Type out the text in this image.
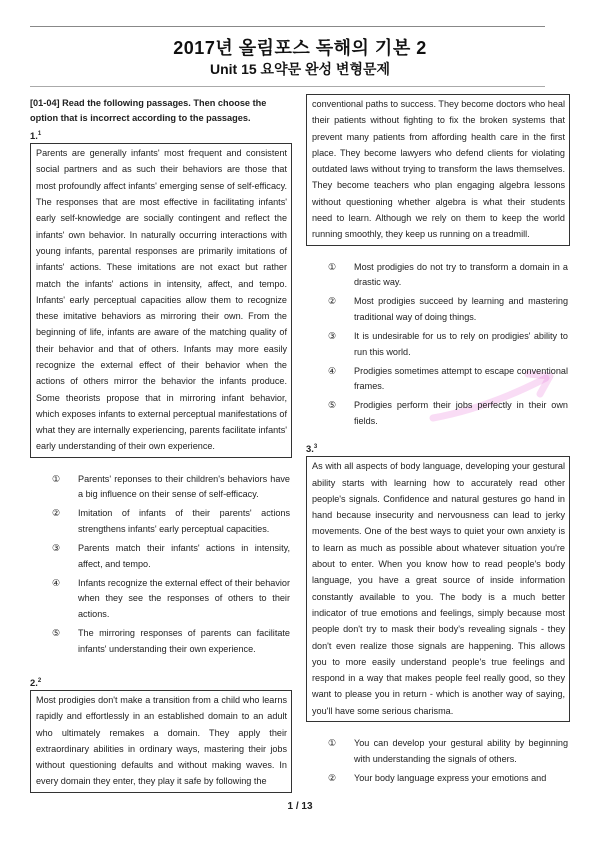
2017년 올림포스 독해의 기본 2
Unit 15 요약문 완성 변형문제
[01-04] Read the following passages. Then choose the option that is incorrect according to the passages.
1.$^1$
Parents are generally infants' most frequent and consistent social partners and as such their behaviors are those that most profoundly affect infants' emerging sense of self-efficacy. The responses that are most effective in facilitating infants' early self-knowledge are socially contingent and reflect the infants' own behavior. In naturally occurring interactions with young infants, parental responses are primarily imitations of infants' actions. These imitations are not exact but rather match the infants' actions in intensity, affect, and tempo. Infants' early perceptual capacities allow them to recognize these imitative behaviors as mirroring their own. From the beginning of life, infants are aware of the matching quality of their behavior and that of others. Infants may more easily recognize the external effect of their behavior when the actions of others mirror the behavior the infants produce. Some theorists propose that in mirroring infant behavior, which exposes infants to external perceptual manifestations of what they are internally experiencing, parents facilitate infants' early understanding of their own experience.
①	Parents' reponses to their children's behaviors have a big influence on their sense of self-efficacy.
②	Imitation of infants of their parents' actions strengthens infants' early perceptual capacities.
③	Parents match their infants' actions in intensity, affect, and tempo.
④	Infants recognize the external effect of their behavior when they see the responses of others to their actions.
⑤	The mirroring responses of parents can facilitate infants' understanding their own experience.
2.$^2$
Most prodigies don't make a transition from a child who learns rapidly and effortlessly in an established domain to an adult who ultimately remakes a domain. They apply their extraordinary abilities in ordinary ways, mastering their jobs without questioning defaults and without making waves. In every domain they enter, they play it safe by following the
conventional paths to success. They become doctors who heal their patients without fighting to fix the broken systems that prevent many patients from affording health care in the first place. They become lawyers who defend clients for violating outdated laws without trying to transform the laws themselves. They become teachers who plan engaging algebra lessons without questioning whether algebra is what their students need to learn. Although we rely on them to keep the world running smoothly, they keep us running on a treadmill.
①	Most prodigies do not try to transform a domain in a drastic way.
②	Most prodigies succeed by learning and mastering traditional way of doing things.
③	It is undesirable for us to rely on prodigies' ability to run this world.
④	Prodigies sometimes attempt to escape conventional frames.
⑤	Prodigies perform their jobs perfectly in their own fields.
3.$^3$
As with all aspects of body language, developing your gestural ability starts with learning how to accurately read other people's signals. Confidence and natural gestures go hand in hand because insecurity and nervousness can lead to jerky movements. One of the best ways to quiet your own anxiety is to learn as much as possible about whatever situation you're about to enter. When you know how to read people's body language, you have a great source of inside information constantly available to you. The body is a much better indicator of true emotions and feelings, simply because most people don't try to mask their body's revealing signals - they don't even realize those signals are happening. This allows you to more easily understand people's true feelings and respond in a way that makes people feel really good, so they want to please you in return - which is another way of saying, you'll have some serious charisma.
①	You can develop your gestural ability by beginning with understanding the signals of others.
②	Your body language express your emotions and
1 / 13
